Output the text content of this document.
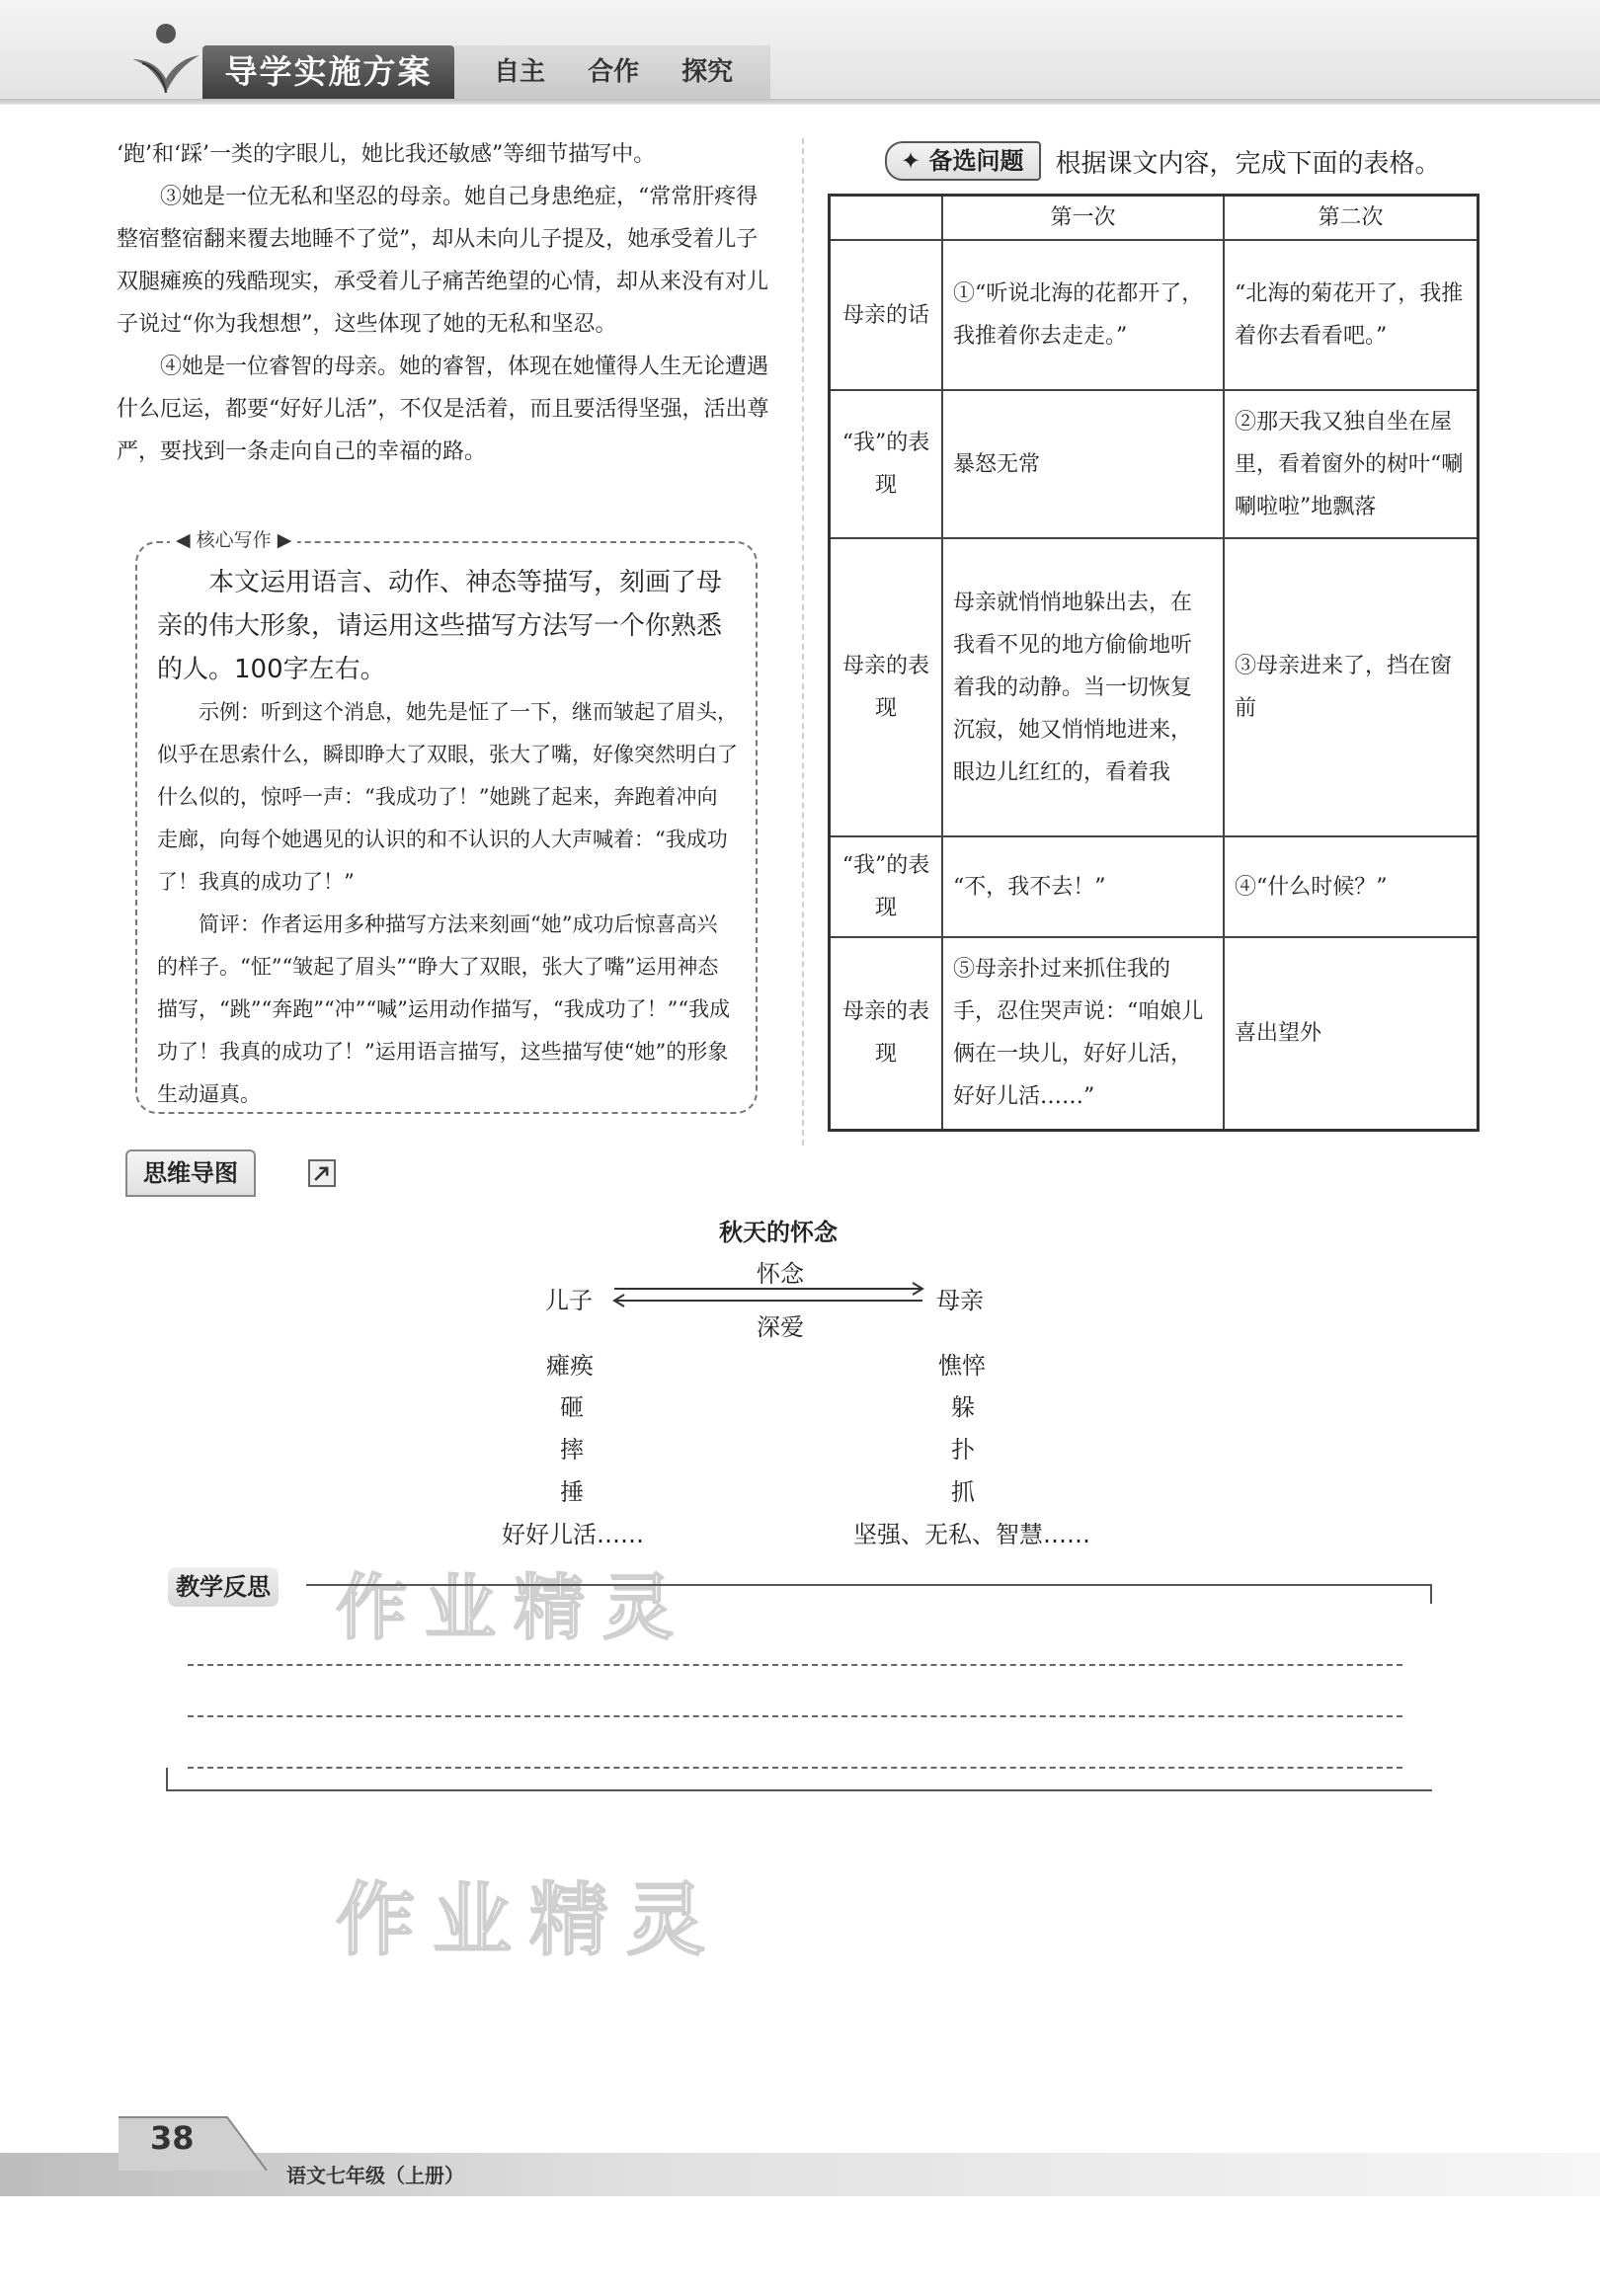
导学实施方案	自主 合作 探究

‘跑’和‘踩’一类的字眼儿，她比我还敏感”等细节描写中。

③她是一位无私和坚忍的母亲。她自己身患绝症，“常常肝疼得整宿整宿翻来覆去地睡不了觉”，却从未向儿子提及，她承受着儿子双腿瘫痪的残酷现实，承受着儿子痛苦绝望的心情，却从来没有对儿子说过“你为我想想”，这些体现了她的无私和坚忍。

④她是一位睿智的母亲。她的睿智，体现在她懂得人生无论遭遇什么厄运，都要“好好儿活”，不仅是活着，而且要活得坚强，活出尊严，要找到一条走向自己的幸福的路。

本文运用语言、动作、神态等描写，刻画了母亲的伟大形象，请运用这些描写方法写一个你熟悉的人。100字左右。

示例：听到这个消息，她先是怔了一下，继而皱起了眉头，似乎在思索什么，瞬即睁大了双眼，张大了嘴，好像突然明白了什么似的，惊呼一声：“我成功了！”她跳了起来，奔跑着冲向走廊，向每个她遇见的认识的和不认识的人大声喊着：“我成功了！我真的成功了！”

简评：作者运用多种描写方法来刻画“她”成功后惊喜高兴的样子。“怔”“皱起了眉头”“睁大了双眼，张大了嘴”运用神态描写，“跳”“奔跑”“冲”“喊”运用动作描写，“我成功了！”“我成功了！我真的成功了！”运用语言描写，这些描写使“她”的形象生动逼真。

◀ 核心写作 ▶
✦ 备选问题	根据课文内容，完成下面的表格。
	第一次	第二次
母亲的话	①“听说北海的花都开了，我推着你去走走。”	“北海的菊花开了，我推着你去看看吧。”
“我”的表现	暴怒无常	②那天我又独自坐在屋里，看着窗外的树叶“唰唰啦啦”地飘落
母亲的表现	母亲就悄悄地躲出去，在我看不见的地方偷偷地听着我的动静。当一切恢复沉寂，她又悄悄地进来，眼边儿红红的，看着我	③母亲进来了，挡在窗前
“我”的表现	“不，我不去！”	④“什么时候？”
母亲的表现	⑤母亲扑过来抓住我的手，忍住哭声说：“咱娘儿俩在一块儿，好好儿活，好好儿活……”	喜出望外
思维导图
秋天的怀念
怀念
深爱
儿子	母亲
瘫痪
砸
摔
捶
好好儿活……
憔悴
躲
扑
抓
坚强、无私、智慧……
作业精灵
教学反思
作业精灵
38
语文七年级（上册）
